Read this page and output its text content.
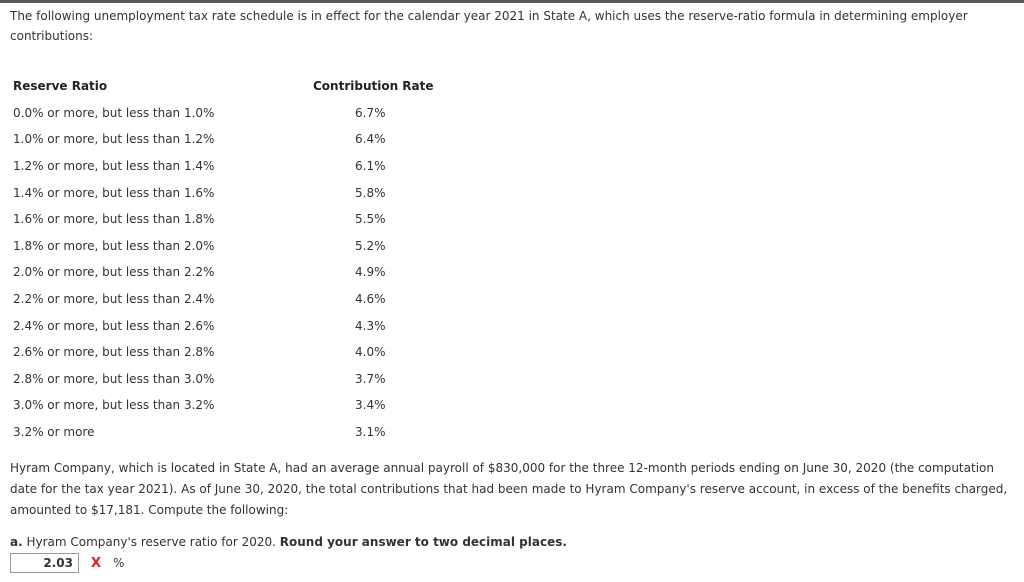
The following unemployment tax rate schedule is in effect for the calendar year 2021 in State A, which uses the reserve-ratio formula in determining employer contributions:

Reserve Ratio	Contribution Rate
0.0% or more, but less than 1.0%	6.7%
1.0% or more, but less than 1.2%	6.4%
1.2% or more, but less than 1.4%	6.1%
1.4% or more, but less than 1.6%	5.8%
1.6% or more, but less than 1.8%	5.5%
1.8% or more, but less than 2.0%	5.2%
2.0% or more, but less than 2.2%	4.9%
2.2% or more, but less than 2.4%	4.6%
2.4% or more, but less than 2.6%	4.3%
2.6% or more, but less than 2.8%	4.0%
2.8% or more, but less than 3.0%	3.7%
3.0% or more, but less than 3.2%	3.4%
3.2% or more	3.1%

Hyram Company, which is located in State A, had an average annual payroll of $830,000 for the three 12-month periods ending on June 30, 2020 (the computation date for the tax year 2021). As of June 30, 2020, the total contributions that had been made to Hyram Company's reserve account, in excess of the benefits charged, amounted to $17,181. Compute the following:

a. Hyram Company's reserve ratio for 2020. Round your answer to two decimal places.

2.03
X %
